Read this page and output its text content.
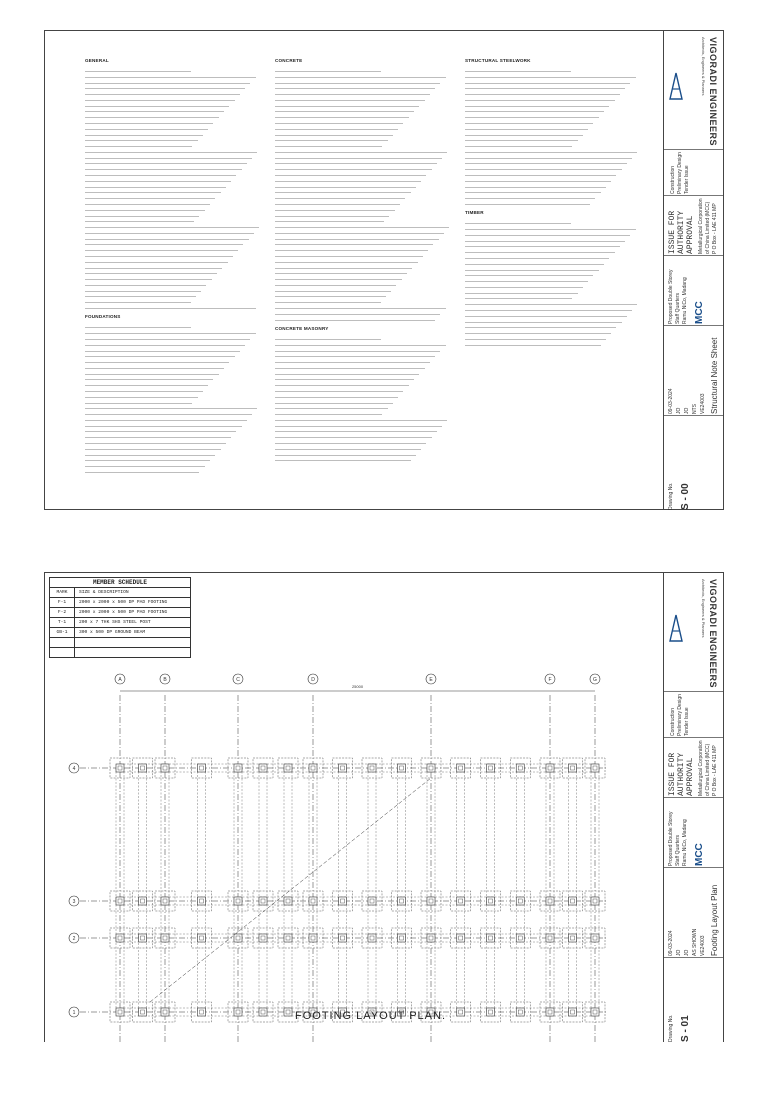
GENERAL
FOUNDATIONS
CONCRETE
CONCRETE MASONRY
STRUCTURAL STEELWORK
TIMBER
VIGORADI ENGINEERS
Architects, Engineers & Planners
Construction Preliminary Design Tender Issue
ISSUE FOR AUTHORITY APPROVAL Metallurgical Corporation of China Limited (MCC) P O Box - LAE 411 MP
MCC
Proposed Double Storey Staff Quarters Ramu NiCo, Madang
09-03-2024 JO JO NTS VE24003 Structural Note Sheet
Drawing No. S - 00
MEMBER SCHEDULE
MARK	SIZE & DESCRIPTION
F-1	2000 x 2000 x 500 DP PAD FOOTING
F-2	2000 x 2000 x 500 DP PAD FOOTING
T-1	200 x 7 THK SHS STEEL POST
GB-1	300 x 500 DP GROUND BEAM
25000
A	B	C	D	E	F	G
4
3
2
1	FOOTING LAYOUT PLAN.
VIGORADI ENGINEERS
Architects, Engineers & Planners
Construction Preliminary Design Tender Issue
ISSUE FOR AUTHORITY APPROVAL Metallurgical Corporation of China Limited (MCC) P O Box - LAE 411 MP
MCC
Proposed Double Storey Staff Quarters Ramu NiCo, Madang
09-03-2024 JO JO AS SHOWN VE24003 Footing Layout Plan
Drawing No. S - 01
